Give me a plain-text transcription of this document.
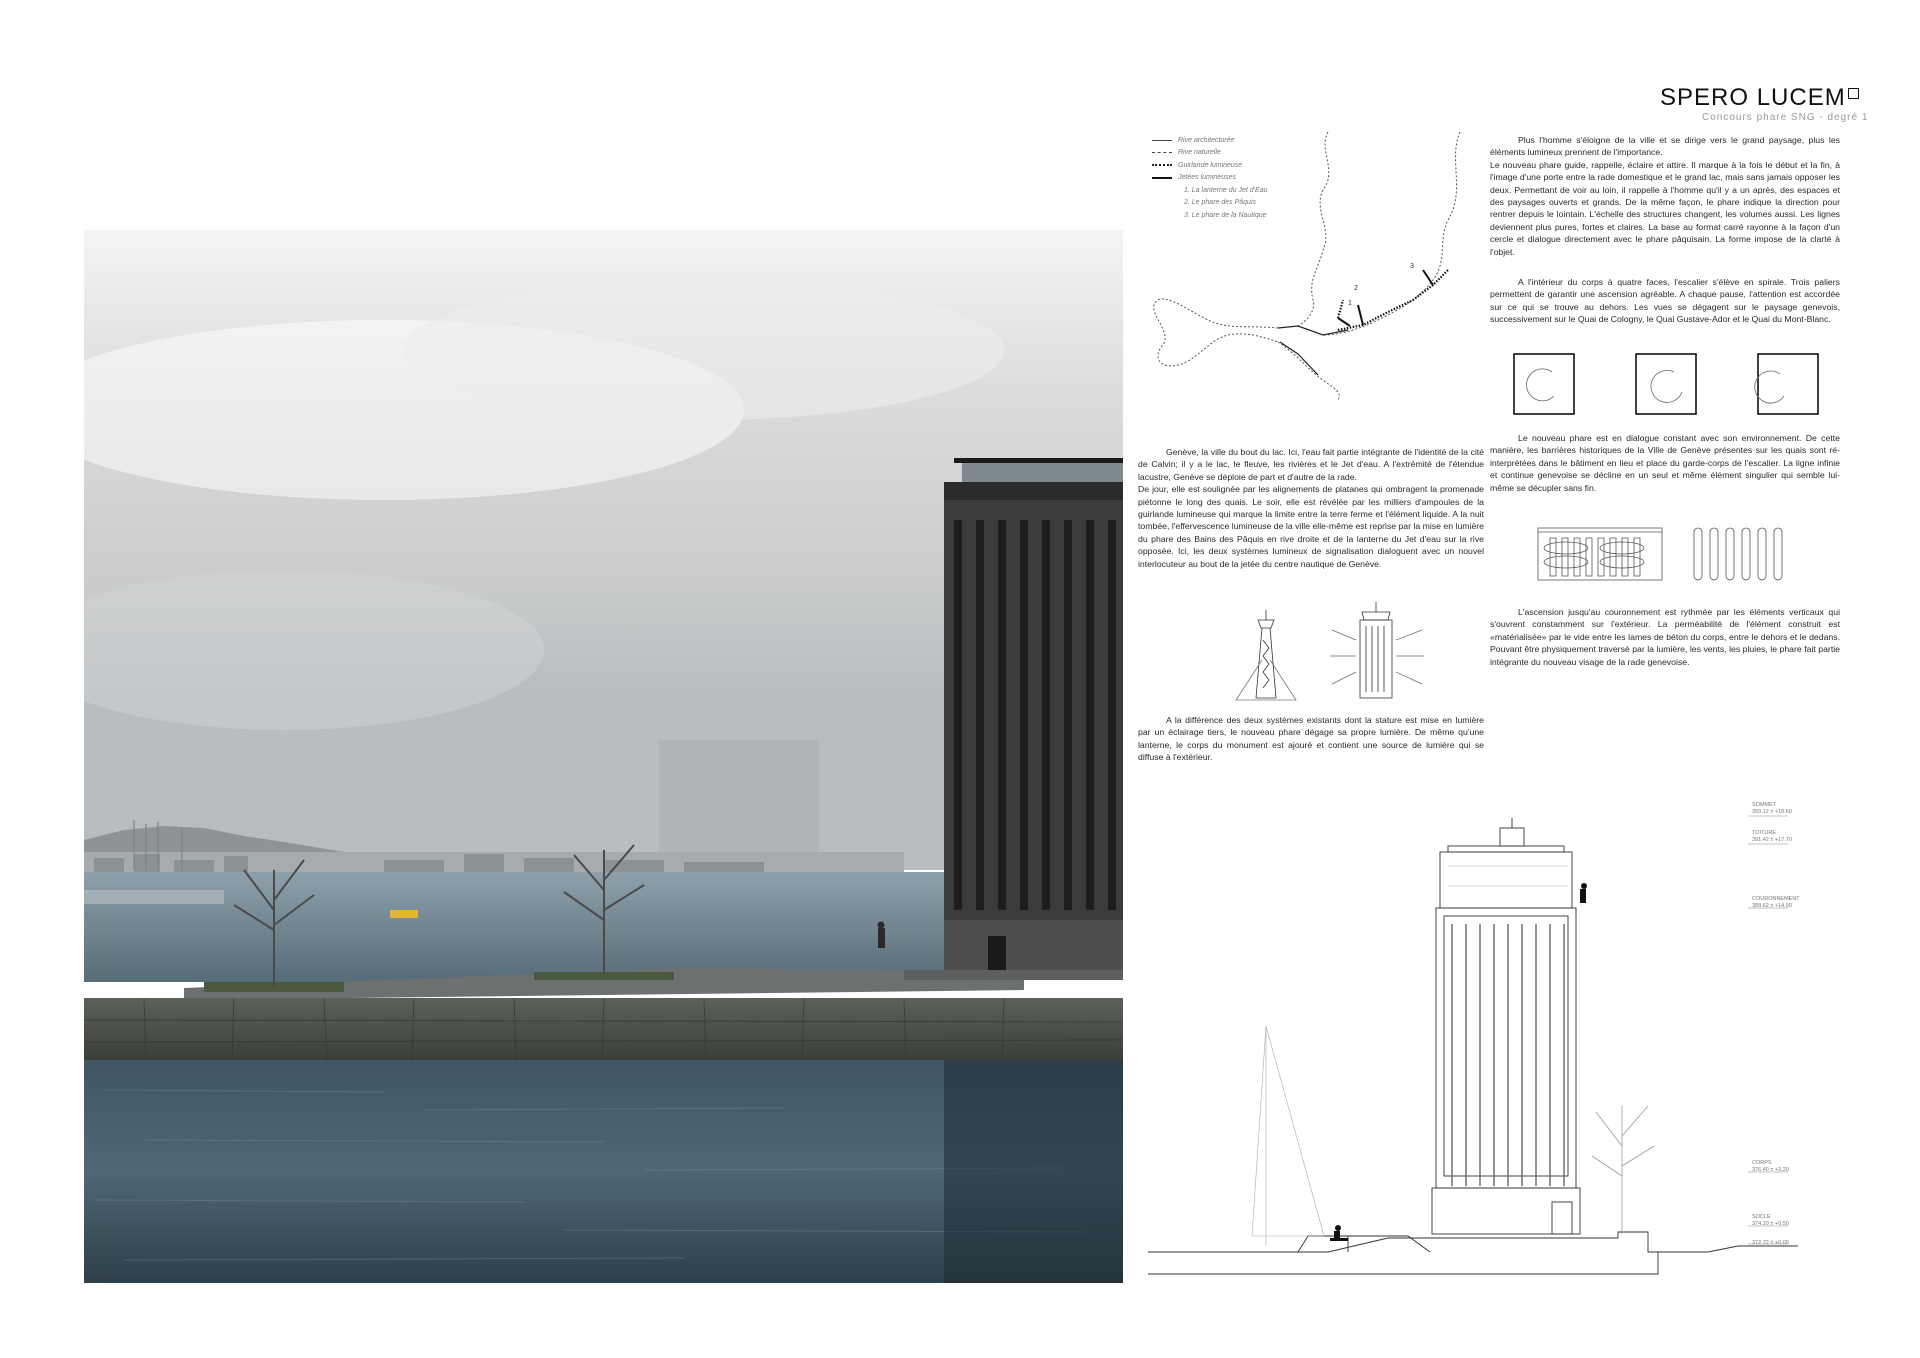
SPERO LUCEM
Concours phare SNG - degré 1
Rive architecturée
Rive naturelle
Guirlande lumineuse
Jetées lumineuses
1. La lanterne du Jet d'Eau
2. Le phare des Pâquis
3. Le phare de la Nautique
1
2
3

Plus l'homme s'éloigne de la ville et se dirige vers le grand paysage, plus les éléments lumineux prennent de l'importance.

Le nouveau phare guide, rappelle, éclaire et attire. Il marque à la fois le début et la fin, à l'image d'une porte entre la rade domestique et le grand lac, mais sans jamais opposer les deux. Permettant de voir au loin, il rappelle à l'homme qu'il y a un après, des espaces et des paysages ouverts et grands. De la même façon, le phare indique la direction pour rentrer depuis le lointain. L'échelle des structures changent, les volumes aussi. Les lignes deviennent plus pures, fortes et claires. La base au format carré rayonne à la façon d'un cercle et dialogue directement avec le phare pâquisain. La forme impose de la clarté à l'objet.

A l'intérieur du corps à quatre faces, l'escalier s'élève en spirale. Trois paliers permettent de garantir une ascension agréable. A chaque pause, l'attention est accordée sur ce qui se trouve au dehors. Les vues se dégagent sur le paysage genevois, successivement sur le Quai de Cologny, le Quai Gustave-Ador et le Quai du Mont-Blanc.

Le nouveau phare est en dialogue constant avec son environnement. De cette manière, les barrières historiques de la Ville de Genève présentes sur les quais sont ré-interprétées dans le bâtiment en lieu et place du garde-corps de l'escalier. La ligne infinie et continue genevoise se décline en un seul et même élément singulier qui semble lui-même se décupler sans fin.

L'ascension jusqu'au couronnement est rythmée par les éléments verticaux qui s'ouvrent constamment sur l'extérieur. La perméabilité de l'élément construit est «matérialisée» par le vide entre les lames de béton du corps, entre le dehors et le dedans. Pouvant être physiquement traversé par la lumière, les vents, les pluies, le phare fait partie intégrante du nouveau visage de la rade genevoise.

Genève, la ville du bout du lac. Ici, l'eau fait partie intégrante de l'identité de la cité de Calvin; il y a le lac, le fleuve, les rivières et le Jet d'eau. A l'extrémité de l'étendue lacustre, Genève se déploie de part et d'autre de la rade.

De jour, elle est soulignée par les alignements de platanes qui ombragent la promenade piétonne le long des quais. Le soir, elle est révélée par les milliers d'ampoules de la guirlande lumineuse qui marque la limite entre la terre ferme et l'élément liquide. A la nuit tombée, l'effervescence lumineuse de la ville elle-même est reprise par la mise en lumière du phare des Bains des Pâquis en rive droite et de la lanterne du Jet d'eau sur la rive opposée. Ici, les deux systèmes lumineux de signalisation dialoguent avec un nouvel interlocuteur au bout de la jetée du centre nautique de Genève.

A la différence des deux systèmes existants dont la stature est mise en lumière par un éclairage tiers, le nouveau phare dégage sa propre lumière. De même qu'une lanterne, le corps du monument est ajouré et contient une source de lumière qui se diffuse à l'extérieur.

SOMMET
393.12 ± +18.60
TOITURE
391.42 ± +17.70
COURONNEMENT
388.62 ± +14.90
CORPS
376.40 ± +3.20
SOCLE
374.20 ± +0.50
372.72 ± +0.00
